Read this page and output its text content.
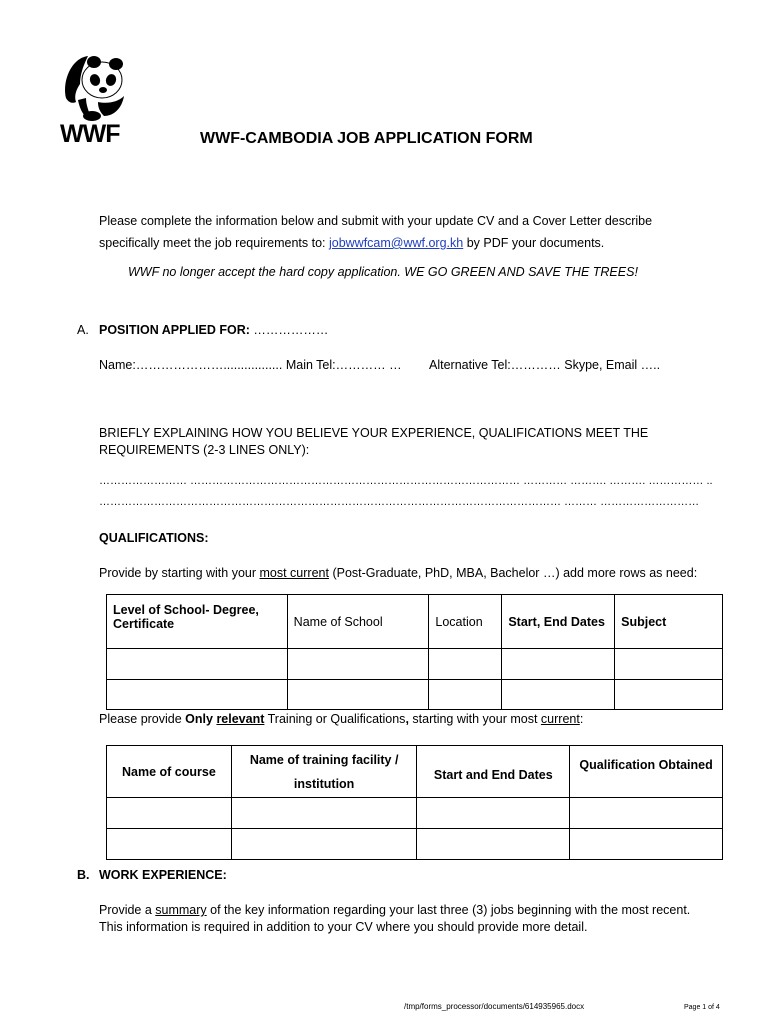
WWF	WWF-CAMBODIA JOB APPLICATION FORM
Please complete the information below and submit with your update CV and a Cover Letter describe
specifically meet the job requirements to: jobwwfcam@wwf.org.kh by PDF your documents.
WWF no longer accept the hard copy application. WE GO GREEN AND SAVE THE TREES!
A. POSITION APPLIED FOR: ………………
Name:…………………................. Main Tel:………… … Alternative Tel:………… Skype, Email …..
BRIEFLY EXPLAINING HOW YOU BELIEVE YOUR EXPERIENCE, QUALIFICATIONS MEET THE
REQUIREMENTS (2-3 LINES ONLY):
…………………… ……………………………………………………………………………… ………… ………. ………. …………… ..
……………………………………………………………………………………………………………… ……… ………………………
QUALIFICATIONS:
Provide by starting with your most current (Post-Graduate, PhD, MBA, Bachelor …) add more rows as need:
Level of School- Degree, Certificate	Name of School	Location	Start, End Dates	Subject

Please provide Only relevant Training or Qualifications, starting with your most current:
Name of course	Name of training facility / institution	Start and End Dates	Qualification Obtained

B. WORK EXPERIENCE:
Provide a summary of the key information regarding your last three (3) jobs beginning with the most recent.
This information is required in addition to your CV where you should provide more detail.
/tmp/forms_processor/documents/614935965.docx	Page 1 of 4
